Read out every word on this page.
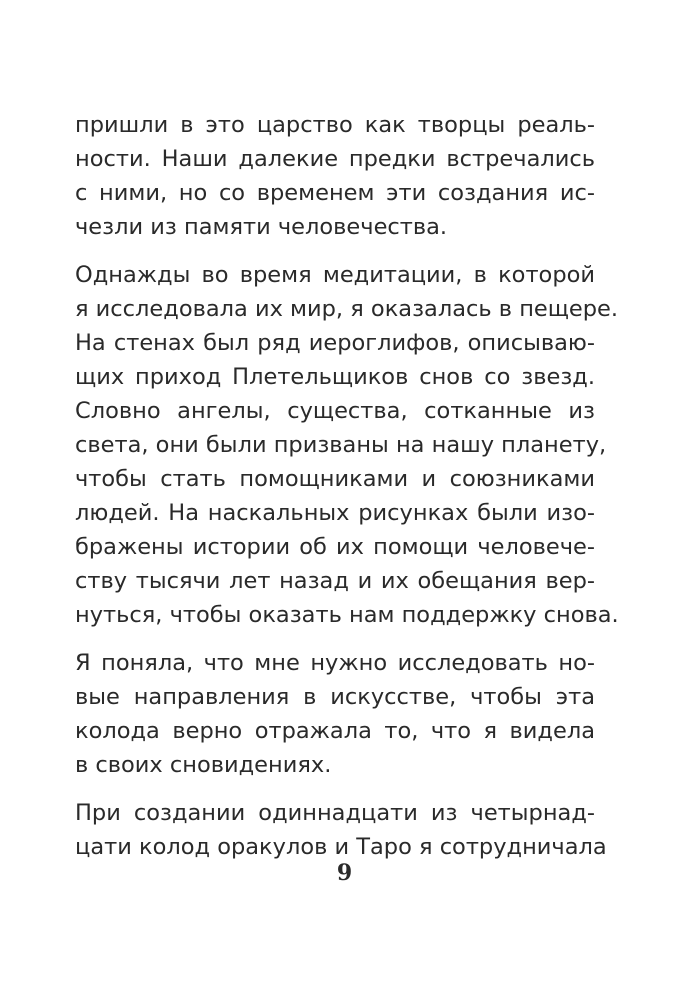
пришли в это царство как творцы реаль-
ности. Наши далекие предки встречались
с ними, но со временем эти создания ис-
чезли из памяти человечества.
Однажды во время медитации, в которой
я исследовала их мир, я оказалась в пещере.
На стенах был ряд иероглифов, описываю-
щих приход Плетельщиков снов со звезд.
Словно ангелы, существа, сотканные из
света, они были призваны на нашу планету,
чтобы стать помощниками и союзниками
людей. На наскальных рисунках были изо-
бражены истории об их помощи человече-
ству тысячи лет назад и их обещания вер-
нуться, чтобы оказать нам поддержку снова.
Я поняла, что мне нужно исследовать но-
вые направления в искусстве, чтобы эта
колода верно отражала то, что я видела
в своих сновидениях.
При создании одиннадцати из четырнад-
цати колод оракулов и Таро я сотрудничала
9
